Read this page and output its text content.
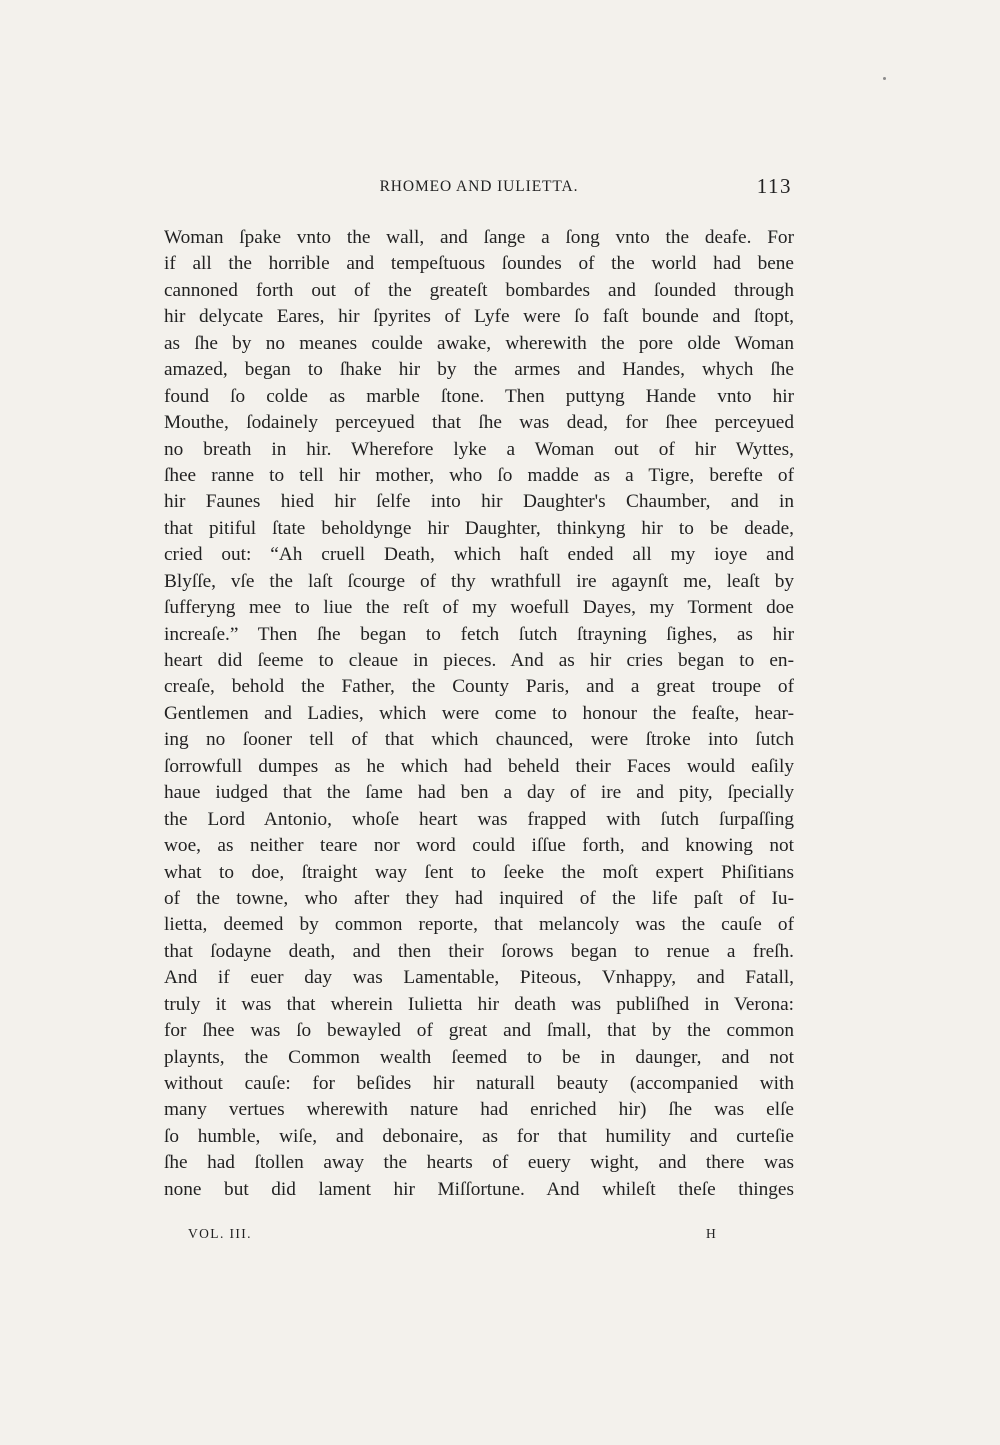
RHOMEO AND IULIETTA.	113
Woman ſpake vnto the wall, and ſange a ſong vnto the deafe. For
if all the horrible and tempeſtuous ſoundes of the world had bene
cannoned forth out of the greateſt bombardes and ſounded through
hir delycate Eares, hir ſpyrites of Lyfe were ſo faſt bounde and ſtopt,
as ſhe by no meanes coulde awake, wherewith the pore olde Woman
amazed, began to ſhake hir by the armes and Handes, whych ſhe
found ſo colde as marble ſtone. Then puttyng Hande vnto hir
Mouthe, ſodainely perceyued that ſhe was dead, for ſhee perceyued
no breath in hir. Wherefore lyke a Woman out of hir Wyttes,
ſhee ranne to tell hir mother, who ſo madde as a Tigre, berefte of
hir Faunes hied hir ſelfe into hir Daughter's Chaumber, and in
that pitiful ſtate beholdynge hir Daughter, thinkyng hir to be deade,
cried out: “Ah cruell Death, which haſt ended all my ioye and
Blyſſe, vſe the laſt ſcourge of thy wrathfull ire agaynſt me, leaſt by
ſufferyng mee to liue the reſt of my woefull Dayes, my Torment doe
increaſe.” Then ſhe began to fetch ſutch ſtrayning ſighes, as hir
heart did ſeeme to cleaue in pieces. And as hir cries began to en-
creaſe, behold the Father, the County Paris, and a great troupe of
Gentlemen and Ladies, which were come to honour the feaſte, hear-
ing no ſooner tell of that which chaunced, were ſtroke into ſutch
ſorrowfull dumpes as he which had beheld their Faces would eaſily
haue iudged that the ſame had ben a day of ire and pity, ſpecially
the Lord Antonio, whoſe heart was frapped with ſutch ſurpaſſing
woe, as neither teare nor word could iſſue forth, and knowing not
what to doe, ſtraight way ſent to ſeeke the moſt expert Phiſitians
of the towne, who after they had inquired of the life paſt of Iu-
lietta, deemed by common reporte, that melancoly was the cauſe of
that ſodayne death, and then their ſorows began to renue a freſh.
And if euer day was Lamentable, Piteous, Vnhappy, and Fatall,
truly it was that wherein Iulietta hir death was publiſhed in Verona:
for ſhee was ſo bewayled of great and ſmall, that by the common
playnts, the Common wealth ſeemed to be in daunger, and not
without cauſe: for beſides hir naturall beauty (accompanied with
many vertues wherewith nature had enriched hir) ſhe was elſe
ſo humble, wiſe, and debonaire, as for that humility and curteſie
ſhe had ſtollen away the hearts of euery wight, and there was
none but did lament hir Miſſortune. And whileſt theſe thinges
VOL. III.	H
